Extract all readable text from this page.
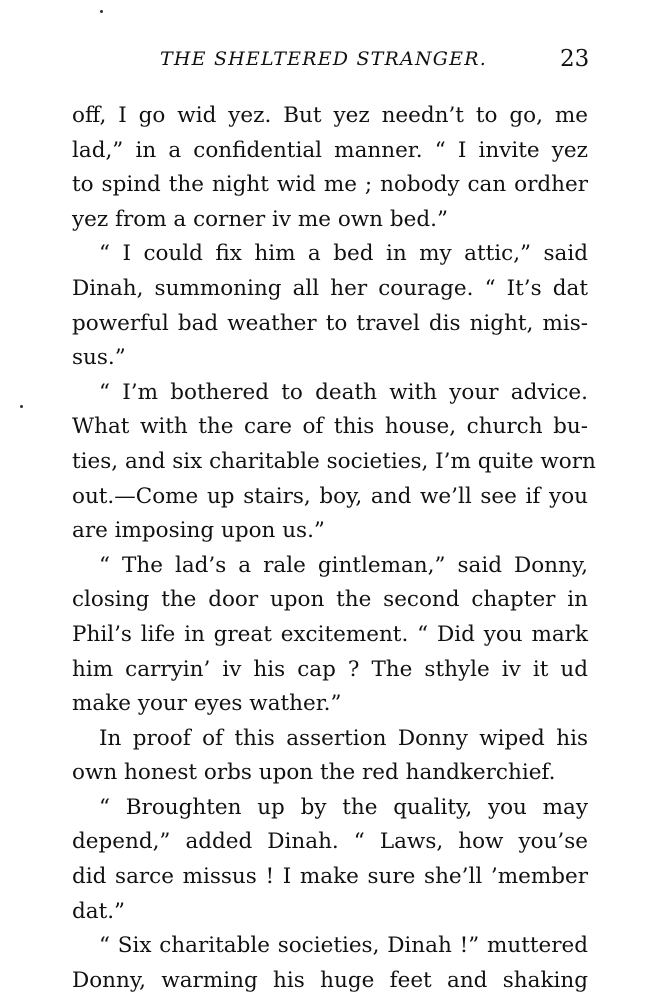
THE SHELTERED STRANGER.	23
off, I go wid yez. But yez needn’t to go, me
lad,” in a confidential manner. “ I invite yez
to spind the night wid me ; nobody can ordher
yez from a corner iv me own bed.”
“ I could fix him a bed in my attic,” said
Dinah, summoning all her courage. “ It’s dat
powerful bad weather to travel dis night, mis-
sus.”
“ I’m bothered to death with your advice.
What with the care of this house, church bu-
ties, and six charitable societies, I’m quite worn
out.—Come up stairs, boy, and we’ll see if you
are imposing upon us.”
“ The lad’s a rale gintleman,” said Donny,
closing the door upon the second chapter in
Phil’s life in great excitement. “ Did you mark
him carryin’ iv his cap ? The sthyle iv it ud
make your eyes wather.”
In proof of this assertion Donny wiped his
own honest orbs upon the red handkerchief.
“ Broughten up by the quality, you may
depend,” added Dinah. “ Laws, how you’se
did sarce missus ! I make sure she’ll ’member
dat.”
“ Six charitable societies, Dinah !” muttered
Donny, warming his huge feet and shaking
